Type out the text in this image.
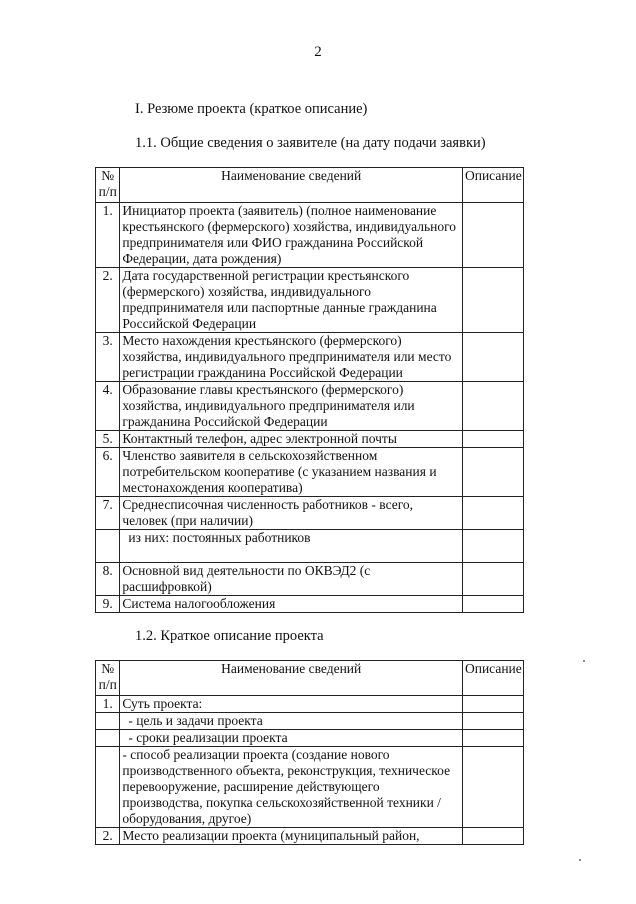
2
I. Резюме проекта (краткое описание)
1.1. Общие сведения о заявителе (на дату подачи заявки)
№ п/п	Наименование сведений	Описание
1.	Инициатор проекта (заявитель) (полное наименование крестьянского (фермерского) хозяйства, индивидуального предпринимателя или ФИО гражданина Российской Федерации, дата рождения)	
2.	Дата государственной регистрации крестьянского (фермерского) хозяйства, индивидуального предпринимателя или паспортные данные гражданина Российской Федерации	
3.	Место нахождения крестьянского (фермерского) хозяйства, индивидуального предпринимателя или место регистрации гражданина Российской Федерации	
4.	Образование главы крестьянского (фермерского) хозяйства, индивидуального предпринимателя или гражданина Российской Федерации	
5.	Контактный телефон, адрес электронной почты	
6.	Членство заявителя в сельскохозяйственном потребительском кооперативе (с указанием названия и местонахождения кооператива)	
7.	Среднесписочная численность работников - всего, человек (при наличии)	
	из них: постоянных работников	
8.	Основной вид деятельности по ОКВЭД2 (с расшифровкой)	
9.	Система налогообложения	
1.2. Краткое описание проекта
№ п/п	Наименование сведений	Описание
1.	Суть проекта:	
	- цель и задачи проекта	
	- сроки реализации проекта	
	- способ реализации проекта (создание нового производственного объекта, реконструкция, техническое перевооружение, расширение действующего производства, покупка сельскохозяйственной техники / оборудования, другое)	
2.	Место реализации проекта (муниципальный район,	
